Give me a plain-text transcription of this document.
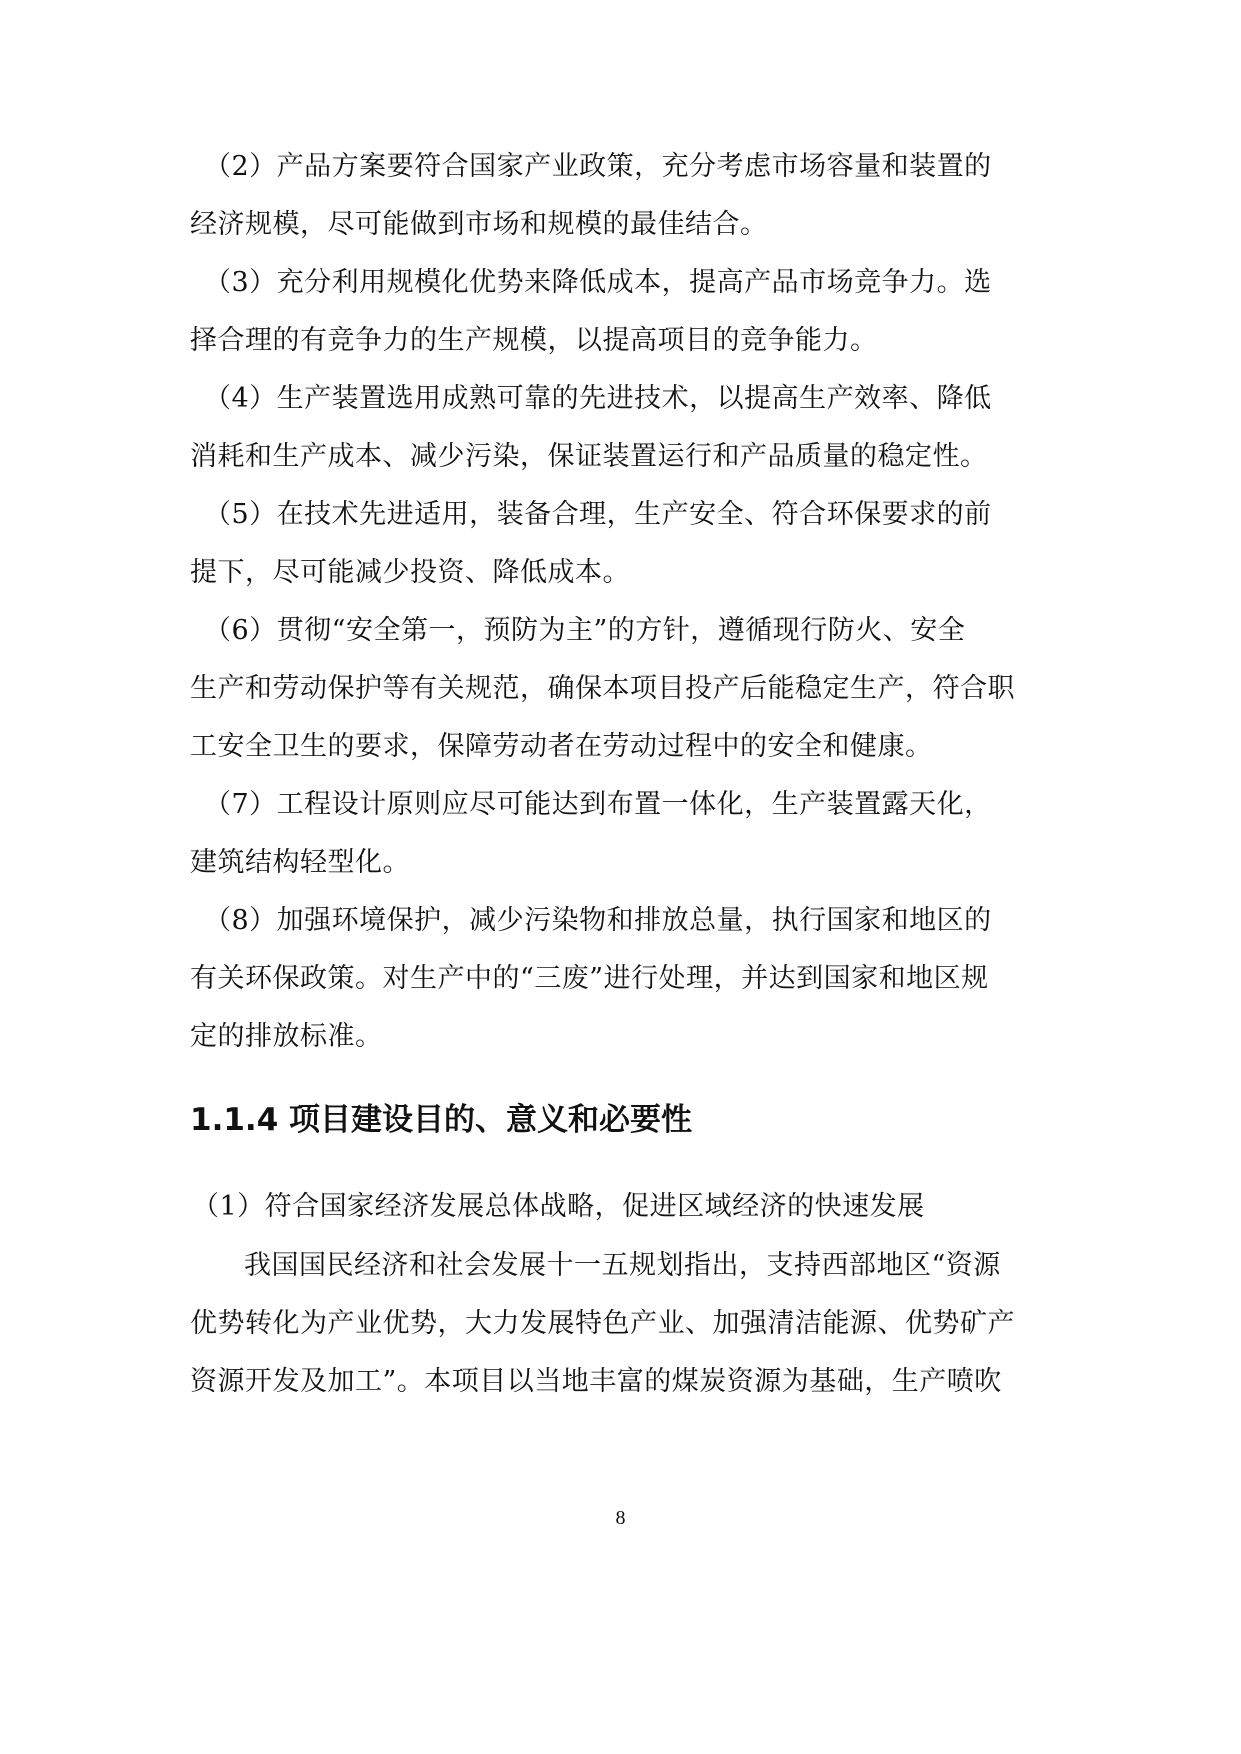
（2）产品方案要符合国家产业政策，充分考虑市场容量和装置的
经济规模，尽可能做到市场和规模的最佳结合。
（3）充分利用规模化优势来降低成本，提高产品市场竞争力。选
择合理的有竞争力的生产规模，以提高项目的竞争能力。
（4）生产装置选用成熟可靠的先进技术，以提高生产效率、降低
消耗和生产成本、减少污染，保证装置运行和产品质量的稳定性。
（5）在技术先进适用，装备合理，生产安全、符合环保要求的前
提下，尽可能减少投资、降低成本。
（6）贯彻“安全第一，预防为主”的方针，遵循现行防火、安全
生产和劳动保护等有关规范，确保本项目投产后能稳定生产，符合职
工安全卫生的要求，保障劳动者在劳动过程中的安全和健康。
（7）工程设计原则应尽可能达到布置一体化，生产装置露天化，
建筑结构轻型化。
（8）加强环境保护，减少污染物和排放总量，执行国家和地区的
有关环保政策。对生产中的“三废”进行处理，并达到国家和地区规
定的排放标准。
1.1.4 项目建设目的、意义和必要性
（1）符合国家经济发展总体战略，促进区域经济的快速发展
我国国民经济和社会发展十一五规划指出，支持西部地区“资源
优势转化为产业优势，大力发展特色产业、加强清洁能源、优势矿产
资源开发及加工”。本项目以当地丰富的煤炭资源为基础，生产喷吹
8
